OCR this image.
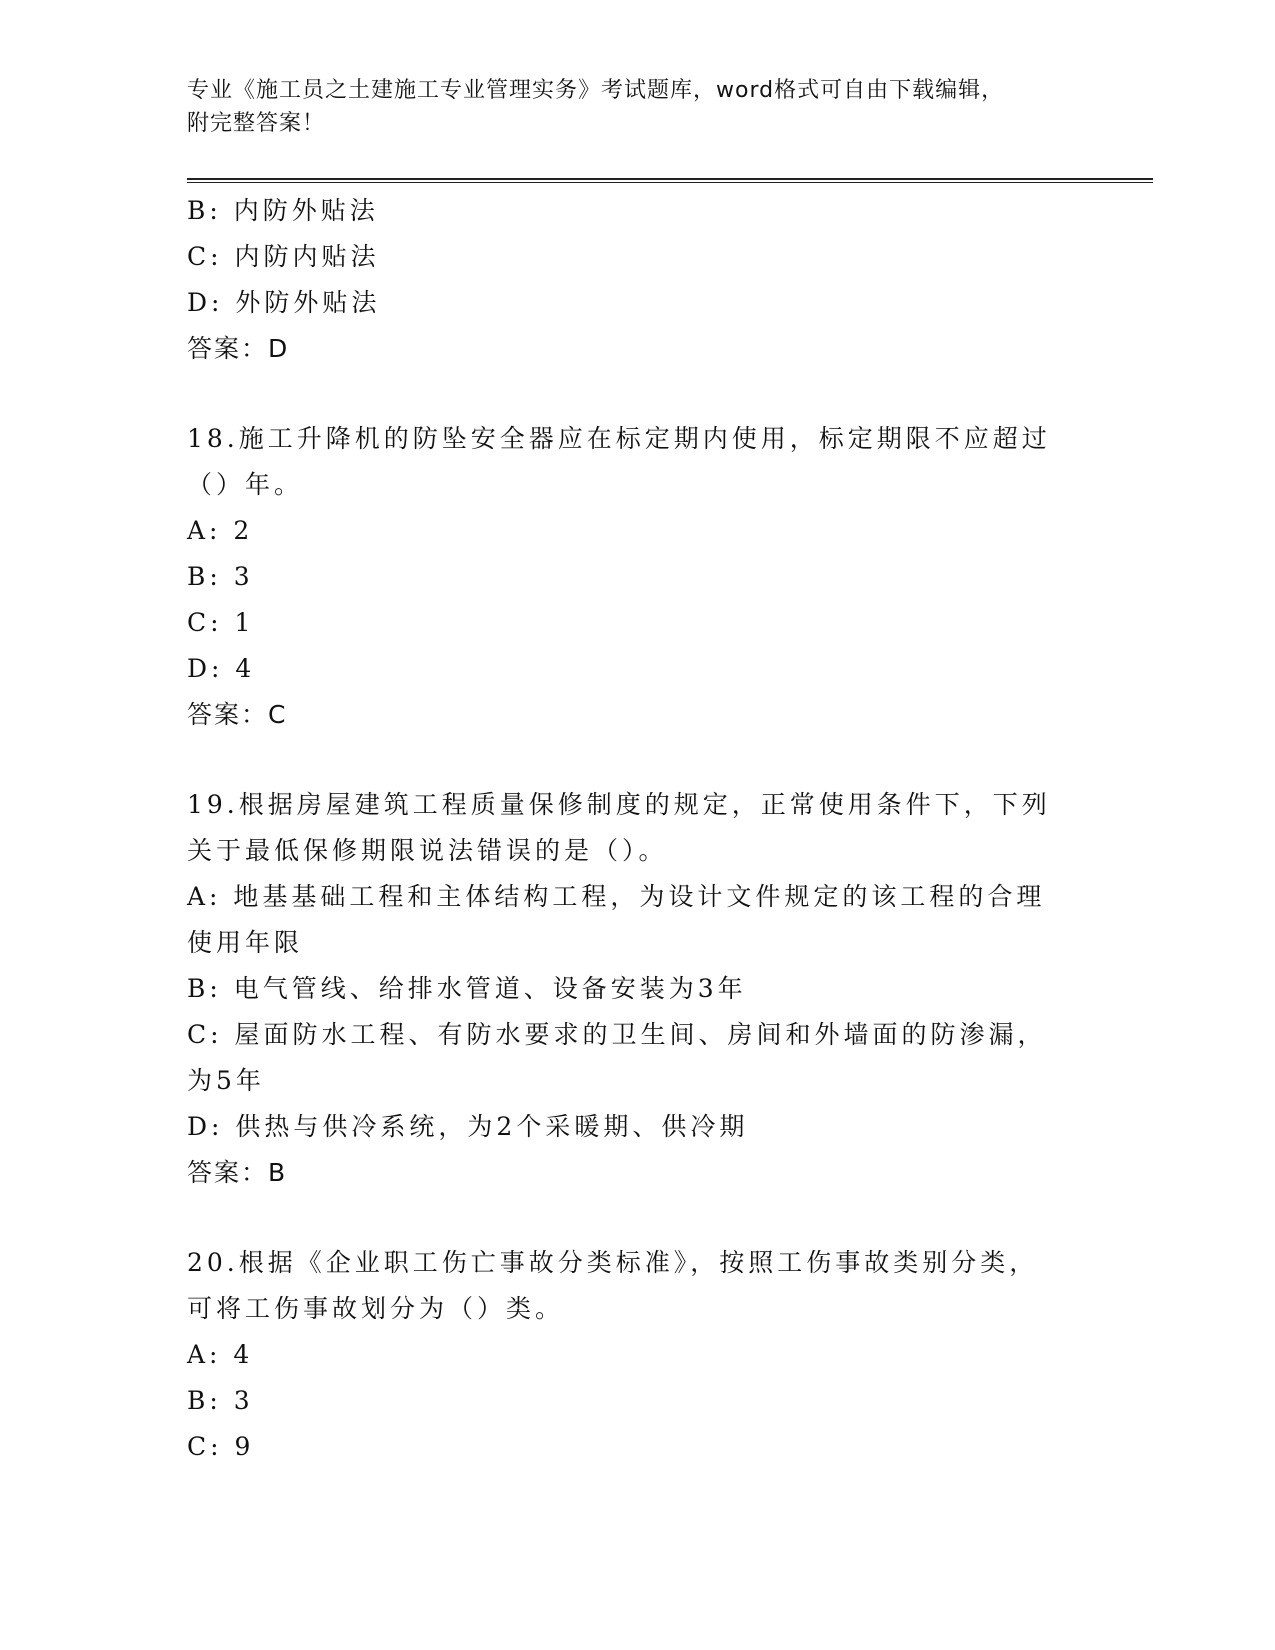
专业《施工员之土建施工专业管理实务》考试题库，word格式可自由下载编辑，
附完整答案！
B: 内防外贴法
C: 内防内贴法
D: 外防外贴法
答案：D
18.施工升降机的防坠安全器应在标定期内使用，标定期限不应超过（）年。
A: 2
B: 3
C: 1
D: 4
答案：C
19.根据房屋建筑工程质量保修制度的规定，正常使用条件下，下列关于最低保修期限说法错误的是（）。
A: 地基基础工程和主体结构工程，为设计文件规定的该工程的合理使用年限
B: 电气管线、给排水管道、设备安装为3年
C: 屋面防水工程、有防水要求的卫生间、房间和外墙面的防渗漏，为5年
D: 供热与供冷系统，为2个采暖期、供冷期
答案：B
20.根据《企业职工伤亡事故分类标准》，按照工伤事故类别分类，可将工伤事故划分为（）类。
A: 4
B: 3
C: 9
